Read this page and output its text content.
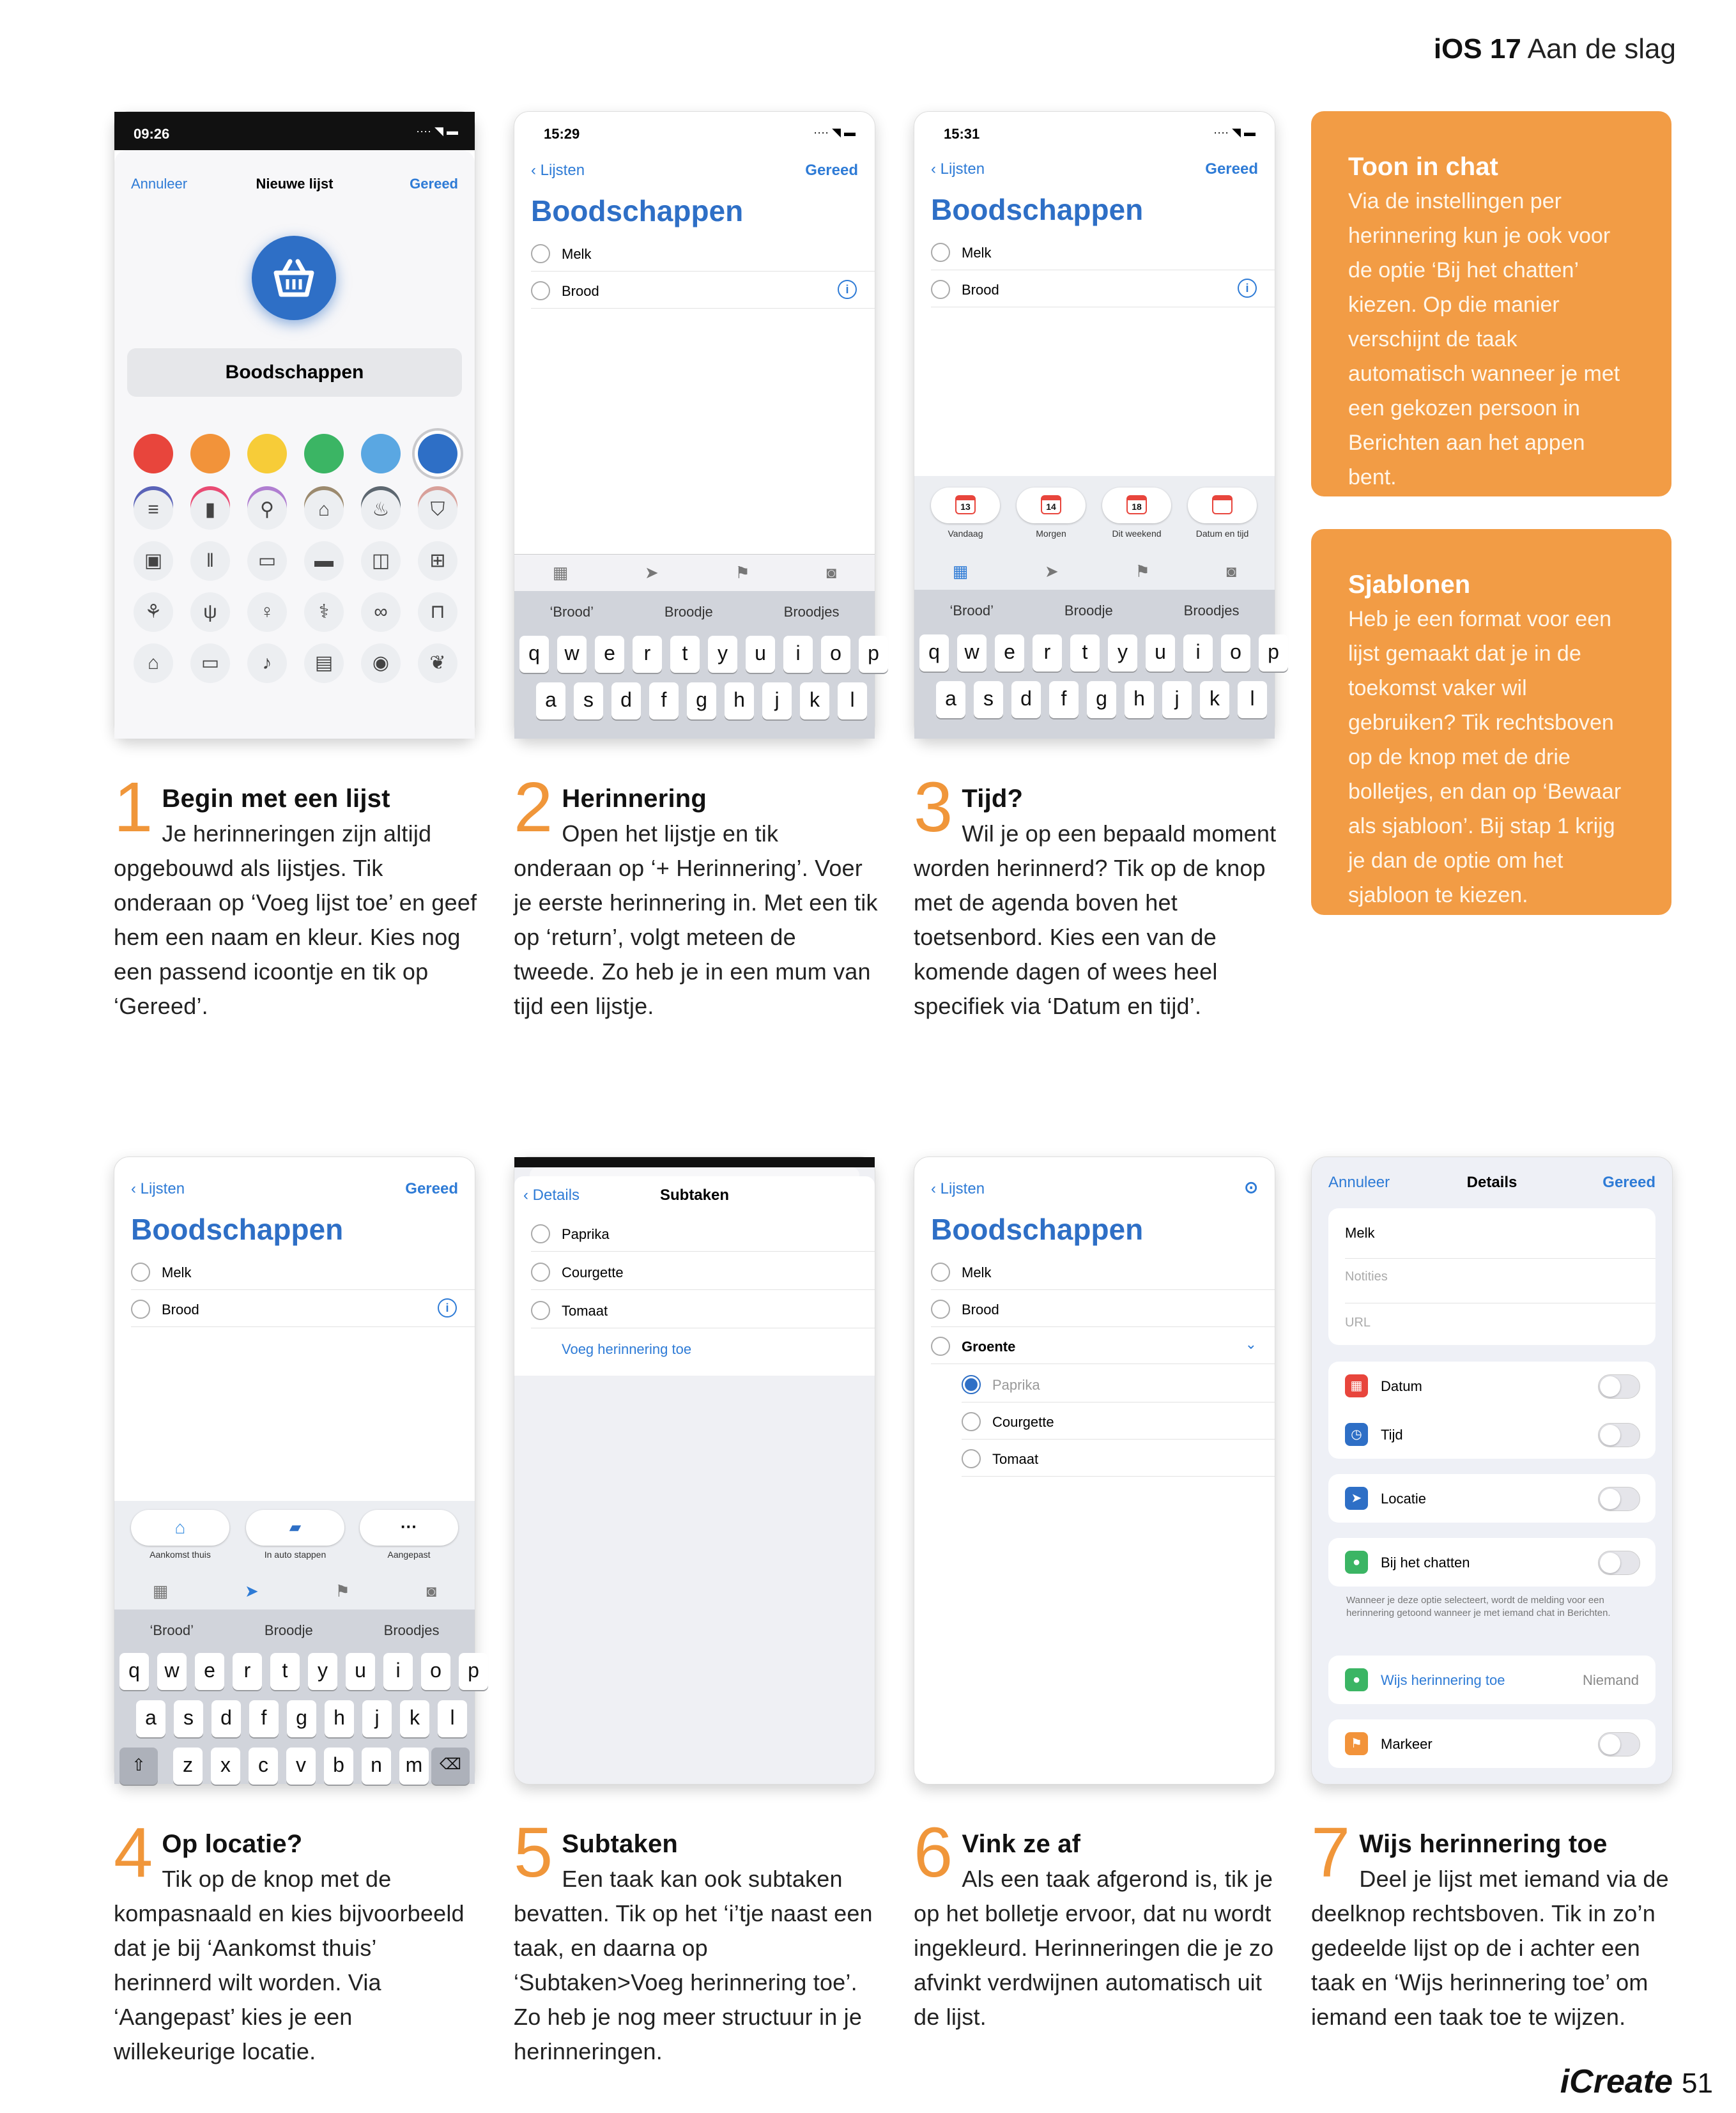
iOS 17 Aan de slag
09:26	···· ◥ ▬
Annuleer	Nieuwe lijst	Gereed
Boodschappen
≡	▮	⚲	⌂	♨	⛉
▣	‖	▭	▬	◫	⊞
⚘	ψ	♀	⚕	∞	⊓
⌂	▭	♪	▤	◉	❦
15:29	···· ◥ ▬
‹ Lijsten	Gereed
Boodschappen
Melk
Brood	i
▦	➤	⚑	◙
‘Brood’	Broodje	Broodjes
q	w	e	r	t	y	u	i	o	p
a	s	d	f	g	h	j	k	l
15:31	···· ◥ ▬
‹ Lijsten	Gereed
Boodschappen
Melk
Brood	i
▦	➤	⚑	◙
‘Brood’	Broodje	Broodjes
q	w	e	r	t	y	u	i	o	p
a	s	d	f	g	h	j	k	l
13
Vandaag
14
Morgen
18
Dit weekend	Datum en tijd
Toon in chat
Via de instellingen per herinnering kun je ook voor de optie ‘Bij het chatten’ kiezen. Op die manier verschijnt de taak automatisch wanneer je met een gekozen persoon in Berichten aan het appen bent.
Sjablonen
Heb je een format voor een lijst gemaakt dat je in de toekomst vaker wil gebruiken? Tik rechtsboven op de knop met de drie bolletjes, en dan op ‘Bewaar als sjabloon’. Bij stap 1 krijg je dan de optie om het sjabloon te kiezen.
1 Begin met een lijst
Je herinneringen zijn altijd opgebouwd als lijstjes. Tik onderaan op ‘Voeg lijst toe’ en geef hem een naam en kleur. Kies nog een passend icoontje en tik op ‘Gereed’.
2 Herinnering
Open het lijstje en tik onderaan op ‘+ Herinnering’. Voer je eerste herinnering in. Met een tik op ‘return’, volgt meteen de tweede. Zo heb je in een mum van tijd een lijstje.
3 Tijd?
Wil je op een bepaald moment worden herinnerd? Tik op de knop met de agenda boven het toetsenbord. Kies een van de komende dagen of wees heel specifiek via ‘Datum en tijd’.
‹ Lijsten	Gereed
Boodschappen
Melk
Brood	i
⌂
Aankomst thuis
▰
In auto stappen
···
Aangepast
▦	➤	⚑	◙
‘Brood’	Broodje	Broodjes
q	w	e	r	t	y	u	i	o	p
a	s	d	f	g	h	j	k	l
z	x	c	v	b	n	m
⇧	⌫
‹ Details	Subtaken
Paprika
Courgette
Tomaat
Voeg herinnering toe
‹ Lijsten	⊙
Boodschappen
Melk
Brood
Groente	⌄
Paprika
Courgette
Tomaat
Annuleer	Details	Gereed
Melk
Notities
URL
▦	Datum
◷	Tijd
➤	Locatie
●	Bij het chatten
Wanneer je deze optie selecteert, wordt de melding voor een herinnering getoond wanneer je met iemand chat in Berichten.
●	Wijs herinnering toe	Niemand
⚑	Markeer
4 Op locatie?
Tik op de knop met de kompasnaald en kies bijvoorbeeld dat je bij ‘Aankomst thuis’ herinnerd wilt worden. Via ‘Aangepast’ kies je een willekeurige locatie.
5 Subtaken
Een taak kan ook subtaken bevatten. Tik op het ‘i’tje naast een taak, en daarna op ‘Subtaken>Voeg herinnering toe’. Zo heb je nog meer structuur in je herinneringen.
6 Vink ze af
Als een taak afgerond is, tik je op het bolletje ervoor, dat nu wordt ingekleurd. Herinneringen die je zo afvinkt verdwijnen automatisch uit de lijst.
7 Wijs herinnering toe
Deel je lijst met iemand via de deelknop rechtsboven. Tik in zo’n gedeelde lijst op de i achter een taak en ‘Wijs herinnering toe’ om iemand een taak toe te wijzen.
iCreate 51
